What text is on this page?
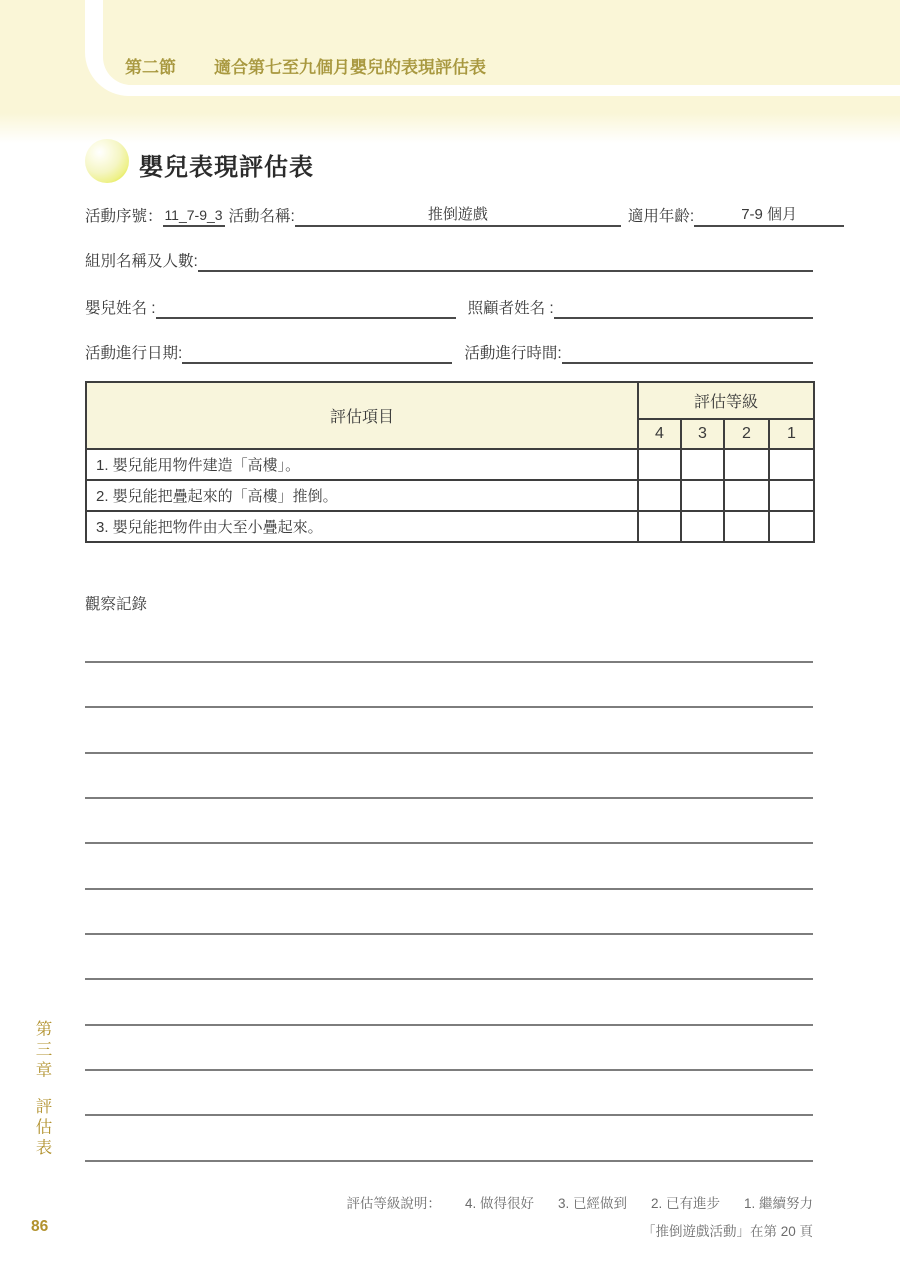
第二節 適合第七至九個月嬰兒的表現評估表
嬰兒表現評估表
活動序號： 11_7-9_3 活動名稱:	推倒遊戲	適用年齡:	7-9 個月
組別名稱及人數:
嬰兒姓名 :	照顧者姓名 :
活動進行日期:	活動進行時間:
評估項目	評估等級			
	4	3	2	1
1. 嬰兒能用物件建造「高樓」。				
2. 嬰兒能把疊起來的「高樓」推倒。				
3. 嬰兒能把物件由大至小疊起來。				
觀察記錄
第三章評估表
86
評估等級說明： 4. 做得很好 3. 已經做到 2. 已有進步 1. 繼續努力
「推倒遊戲活動」在第 20 頁
